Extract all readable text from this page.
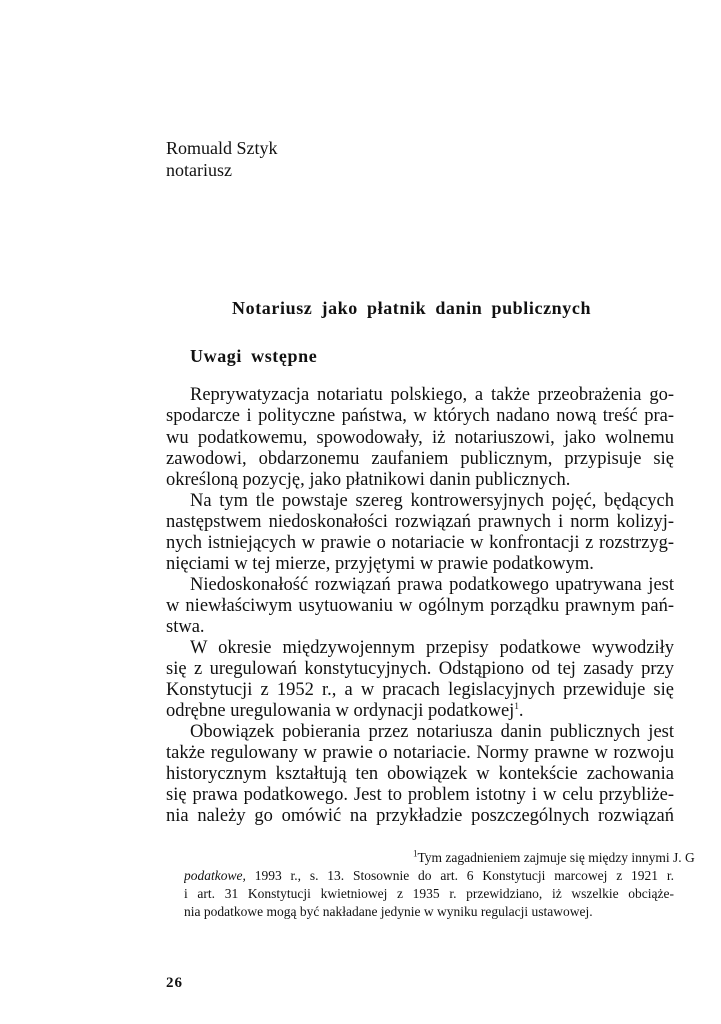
Romuald Sztyk
notariusz
Notariusz jako płatnik danin publicznych
Uwagi wstępne
Reprywatyzacja notariatu polskiego, a także przeobrażenia go-
spodarcze i polityczne państwa, w których nadano nową treść pra-
wu podatkowemu, spowodowały, iż notariuszowi, jako wolnemu
zawodowi, obdarzonemu zaufaniem publicznym, przypisuje się
określoną pozycję, jako płatnikowi danin publicznych.
Na tym tle powstaje szereg kontrowersyjnych pojęć, będących
następstwem niedoskonałości rozwiązań prawnych i norm kolizyj-
nych istniejących w prawie o notariacie w konfrontacji z rozstrzyg-
nięciami w tej mierze, przyjętymi w prawie podatkowym.
Niedoskonałość rozwiązań prawa podatkowego upatrywana jest
w niewłaściwym usytuowaniu w ogólnym porządku prawnym pań-
stwa.
W okresie międzywojennym przepisy podatkowe wywodziły
się z uregulowań konstytucyjnych. Odstąpiono od tej zasady przy
Konstytucji z 1952 r., a w pracach legislacyjnych przewiduje się
odrębne uregulowania w ordynacji podatkowej$^1$.
Obowiązek pobierania przez notariusza danin publicznych jest
także regulowany w prawie o notariacie. Normy prawne w rozwoju
historycznym kształtują ten obowiązek w kontekście zachowania
się prawa podatkowego. Jest to problem istotny i w celu przybliże-
nia należy go omówić na przykładzie poszczególnych rozwiązań
$^1$Tym zagadnieniem zajmuje się między innymi J. G
podatkowe, 1993 r., s. 13. Stosownie do art. 6 Konstytucji marcowej z 1921 r.
i art. 31 Konstytucji kwietniowej z 1935 r. przewidziano, iż wszelkie obciąże-
nia podatkowe mogą być nakładane jedynie w wyniku regulacji ustawowej.
26
